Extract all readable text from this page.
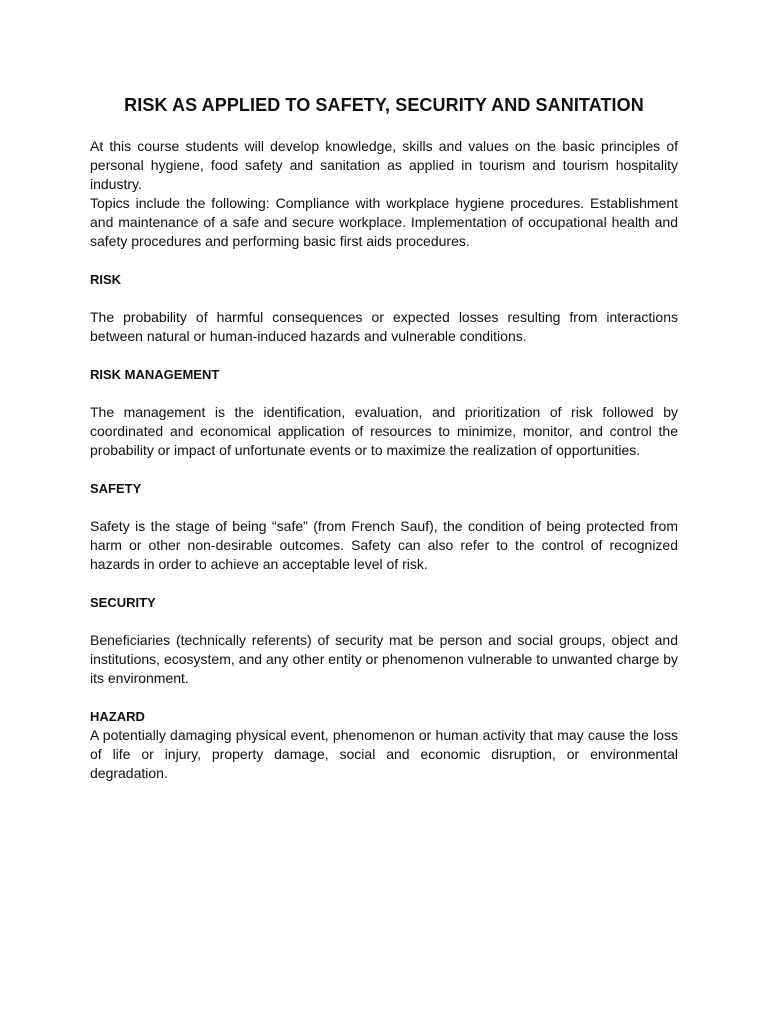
RISK AS APPLIED TO SAFETY, SECURITY AND SANITATION

At this course students will develop knowledge, skills and values on the basic principles of personal hygiene, food safety and sanitation as applied in tourism and tourism hospitality industry.

Topics include the following: Compliance with workplace hygiene procedures. Establishment and maintenance of a safe and secure workplace. Implementation of occupational health and safety procedures and performing basic first aids procedures.

RISK

The probability of harmful consequences or expected losses resulting from interactions between natural or human-induced hazards and vulnerable conditions.

RISK MANAGEMENT

The management is the identification, evaluation, and prioritization of risk followed by coordinated and economical application of resources to minimize, monitor, and control the probability or impact of unfortunate events or to maximize the realization of opportunities.

SAFETY

Safety is the stage of being “safe” (from French Sauf), the condition of being protected from harm or other non-desirable outcomes. Safety can also refer to the control of recognized hazards in order to achieve an acceptable level of risk.

SECURITY

Beneficiaries (technically referents) of security mat be person and social groups, object and institutions, ecosystem, and any other entity or phenomenon vulnerable to unwanted charge by its environment.

HAZARD

A potentially damaging physical event, phenomenon or human activity that may cause the loss of life or injury, property damage, social and economic disruption, or environmental degradation.
